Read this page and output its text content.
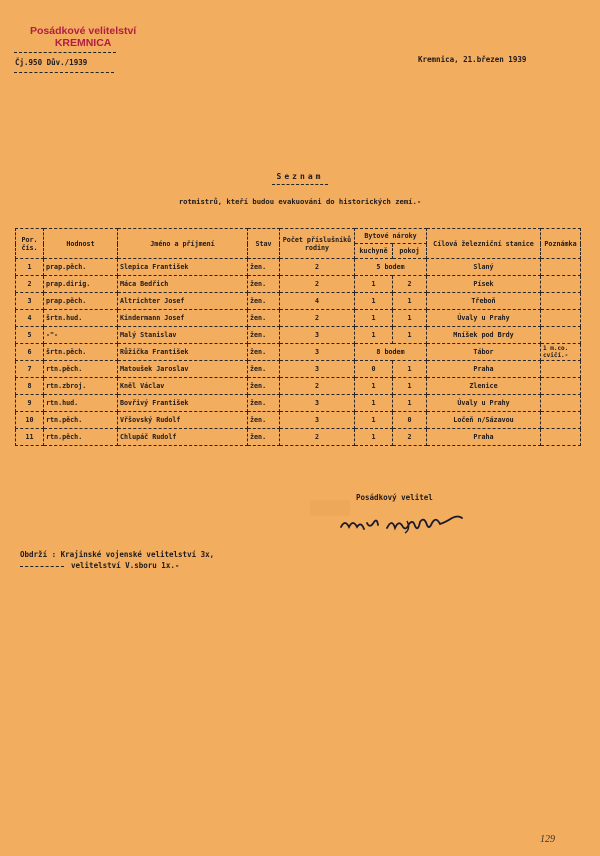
Posádkové velitelství
KREMNICA
Čj.950 Dův./1939	Kremnica, 21.březen 1939
Seznam
rotmistrů, kteří budou evakuováni do historických zemí.-
Por. čís.	Hodnost	Jméno a příjmení	Stav	Počet příslušníků rodiny	Bytové nároky		Cílová železniční stanice	Poznámka
					kuchyně	pokoj		
1	prap.pěch.	Slepica František	žen.	2	5 bodem		Slaný	
2	prap.dirig.	Máca Bedřich	žen.	2	1	2	Písek	
3	prap.pěch.	Altrichter Josef	žen.	4	1	1	Třeboň	
4	šrtn.hud.	Kindermann Josef	žen.	2	1	1	Úvaly u Prahy	
5	-"-	Malý Stanislav	žen.	3	1	1	Mníšek pod Brdy	
6	šrtn.pěch.	Růžička František	žen.	3	8 bodem		Tábor	1 m.co. cvičí.-
7	rtn.pěch.	Matoušek Jaroslav	žen.	3	0	1	Praha	
8	rtn.zbroj.	Kněl Václav	žen.	2	1	1	Zlenice	
9	rtn.hud.	Bovřivý František	žen.	3	1	1	Úvaly u Prahy	
10	rtn.pěch.	Vřšovský Rudolf	žen.	3	1	0	Ločeň n/Sázavou	
11	rtn.pěch.	Chlupáč Rudolf	žen.	2	1	2	Praha	
Posádkový velitel
Obdrží : Krajinské vojenské velitelství 3x,
velitelství V.sboru 1x.-
129
